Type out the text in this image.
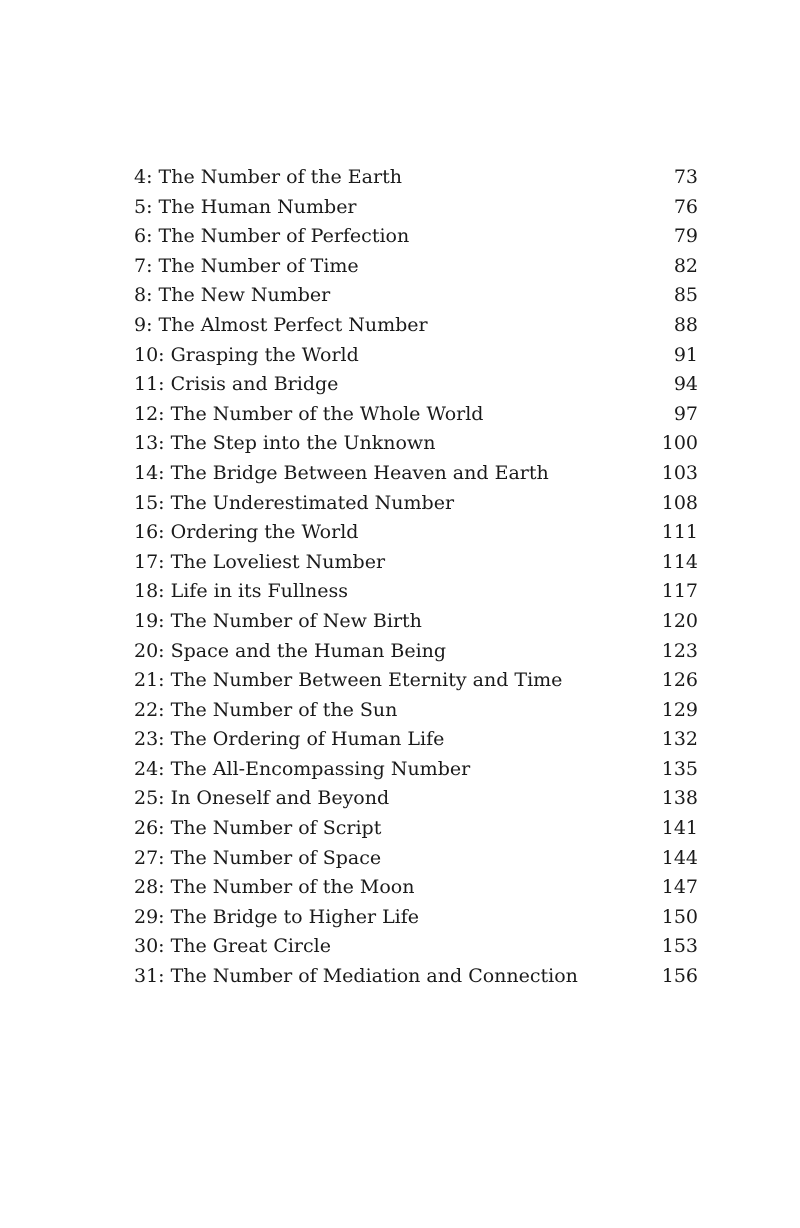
4: The Number of the Earth	73
5: The Human Number	76
6: The Number of Perfection	79
7: The Number of Time	82
8: The New Number	85
9: The Almost Perfect Number	88
10: Grasping the World	91
11: Crisis and Bridge	94
12: The Number of the Whole World	97
13: The Step into the Unknown	100
14: The Bridge Between Heaven and Earth	103
15: The Underestimated Number	108
16: Ordering the World	111
17: The Loveliest Number	114
18: Life in its Fullness	117
19: The Number of New Birth	120
20: Space and the Human Being	123
21: The Number Between Eternity and Time	126
22: The Number of the Sun	129
23: The Ordering of Human Life	132
24: The All-Encompassing Number	135
25: In Oneself and Beyond	138
26: The Number of Script	141
27: The Number of Space	144
28: The Number of the Moon	147
29: The Bridge to Higher Life	150
30: The Great Circle	153
31: The Number of Mediation and Connection	156
